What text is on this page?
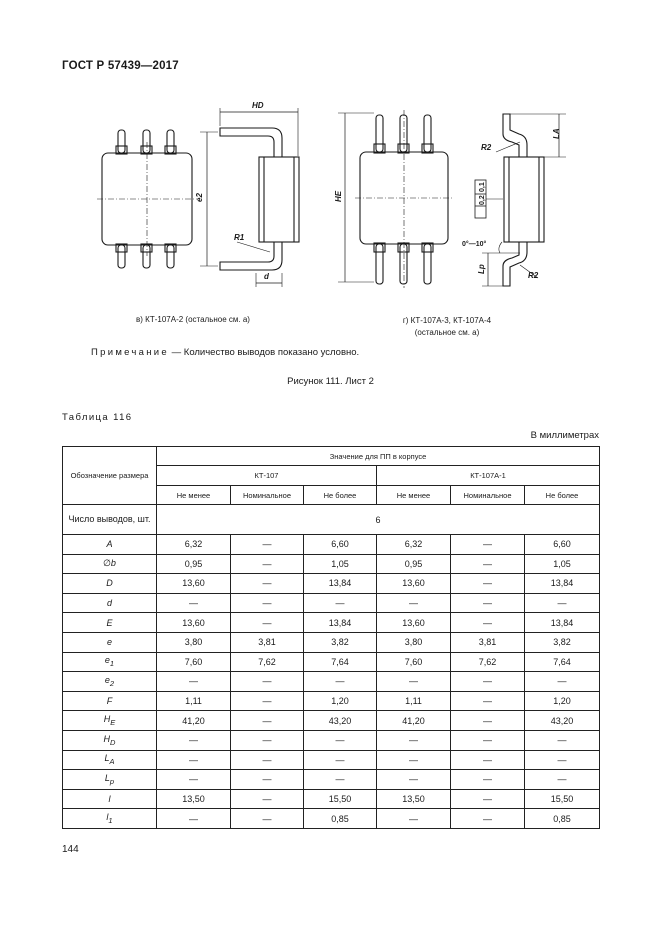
ГОСТ Р 57439—2017
HD
e2
R1
d
HE
R2
LA
Lp
R2
0,1
0,2
0°—10°
в) КТ-107А-2 (остальное см. а)	г) КТ-107А-3, КТ-107А-4
(остальное см. а)
Примечание — Количество выводов показано условно.
Рисунок 111. Лист 2
Таблица 116
В миллиметрах
Обозначение размера	Значение для ПП в корпусе					
	КТ-107			КТ-107А-1		
	Не менее	Номинальное	Не более	Не менее	Номинальное	Не более
Число выводов, шт.	6					
A	6,32	—	6,60	6,32	—	6,60
∅b	0,95	—	1,05	0,95	—	1,05
D	13,60	—	13,84	13,60	—	13,84
d	—	—	—	—	—	—
E	13,60	—	13,84	13,60	—	13,84
e	3,80	3,81	3,82	3,80	3,81	3,82
$e_1$	7,60	7,62	7,64	7,60	7,62	7,64
$e_2$	—	—	—	—	—	—
F	1,11	—	1,20	1,11	—	1,20
$H_E$	41,20	—	43,20	41,20	—	43,20
$H_D$	—	—	—	—	—	—
$L_A$	—	—	—	—	—	—
$L_p$	—	—	—	—	—	—
l	13,50	—	15,50	13,50	—	15,50
$l_1$	—	—	0,85	—	—	0,85
144
